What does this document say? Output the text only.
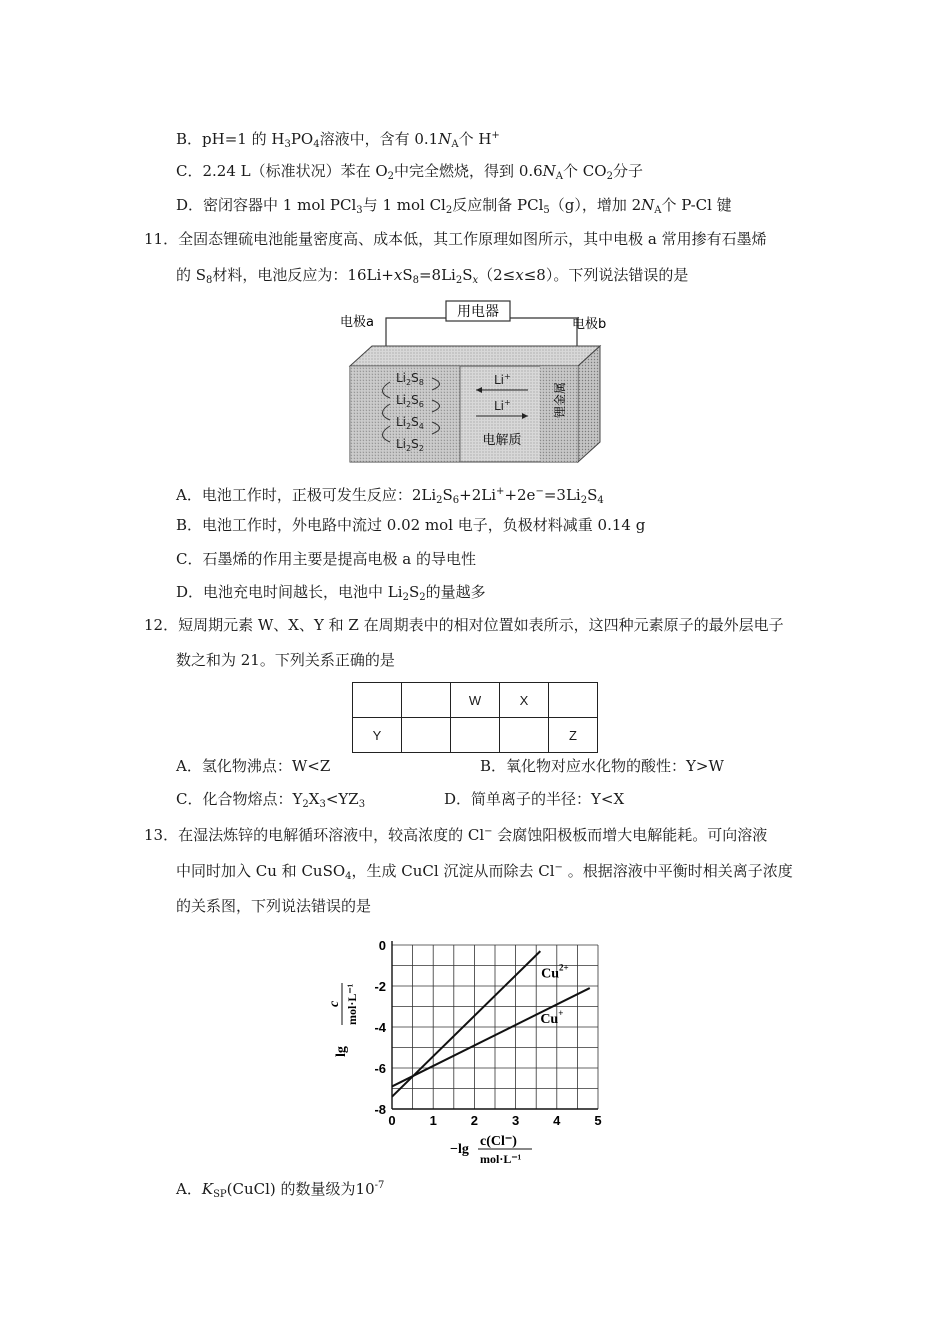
B．pH=1 的 $H_3PO_4$溶液中，含有 $0.1N_A$个 H+
C．2.24 L（标准状况）苯在 $O_2$中完全燃烧，得到 $0.6N_A$个 $CO_2$分子
D．密闭容器中 1 mol PCl$_3$与 1 mol $Cl_2$反应制备 PCl$_5$（g），增加 $2N_A$个 P-Cl 键
11．全固态锂硫电池能量密度高、成本低，其工作原理如图所示，其中电极 a 常用掺有石墨烯
的 $S_8$材料，电池反应为：$16Li+xS_8=8Li_2S_x(2\le x\le 8)$。下列说法错误的是
用电器
电极a	电极b
$Li_2S_8$
$Li_2S_6$
$Li_2S_4$
$Li_2S_2$
Li+
Li+
电解质
锂金属
A．电池工作时，正极可发生反应：$2Li_2S_6+2Li^++2e^-=3Li_2S_4$
B．电池工作时，外电路中流过 0.02 mol 电子，负极材料减重 0.14 g
C．石墨烯的作用主要是提高电极 a 的导电性
D．电池充电时间越长，电池中 $Li_2S_2$的量越多
12．短周期元素 W、X、Y 和 Z 在周期表中的相对位置如表所示，这四种元素原子的最外层电子
数之和为 21。下列关系正确的是
		W	X	
Y				Z
A．氢化物沸点：W<Z	B．氧化物对应水化物的酸性：Y>W
C．化合物熔点：$Y_2X_3<YZ_3$	D．简单离子的半径：Y<X
13．在湿法炼锌的电解循环溶液中，较高浓度的 Cl− 会腐蚀阳极板而增大电解能耗。可向溶液
中同时加入 Cu 和 CuSO$_4$，生成 CuCl 沉淀从而除去 Cl− 。根据溶液中平衡时相关离子浓度
的关系图，下列说法错误的是
0	1	2	3	4	5
0
-2
-4
-6
-8
$Cu^{2+}$
Cu+
lg
c mol·L⁻¹
−lg
c(Cl⁻)
mol·L⁻¹
A．$K_{SP}(CuCl)$ 的数量级为$10^{-7}$
